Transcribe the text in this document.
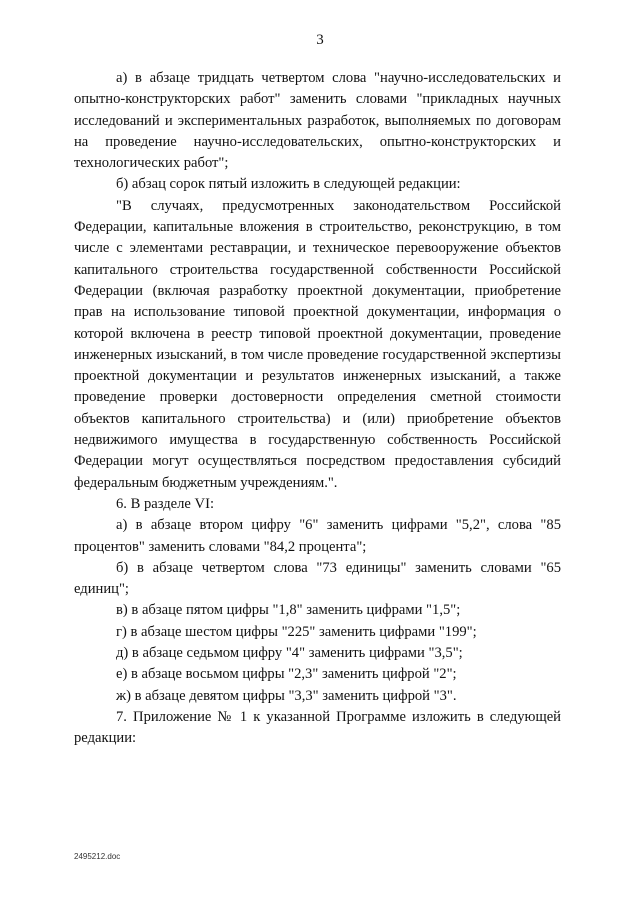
3

а) в абзаце тридцать четвертом слова "научно-исследовательских и опытно-конструкторских работ" заменить словами "прикладных научных исследований и экспериментальных разработок, выполняемых по договорам на проведение научно-исследовательских, опытно-конструкторских и технологических работ";

б) абзац сорок пятый изложить в следующей редакции:

"В случаях, предусмотренных законодательством Российской Федерации, капитальные вложения в строительство, реконструкцию, в том числе с элементами реставрации, и техническое перевооружение объектов капитального строительства государственной собственности Российской Федерации (включая разработку проектной документации, приобретение прав на использование типовой проектной документации, информация о которой включена в реестр типовой проектной документации, проведение инженерных изысканий, в том числе проведение государственной экспертизы проектной документации и результатов инженерных изысканий, а также проведение проверки достоверности определения сметной стоимости объектов капитального строительства) и (или) приобретение объектов недвижимого имущества в государственную собственность Российской Федерации могут осуществляться посредством предоставления субсидий федеральным бюджетным учреждениям.".

6. В разделе VI:

а) в абзаце втором цифру "6" заменить цифрами "5,2", слова "85 процентов" заменить словами "84,2 процента";

б) в абзаце четвертом слова "73 единицы" заменить словами "65 единиц";

в) в абзаце пятом цифры "1,8" заменить цифрами "1,5";

г) в абзаце шестом цифры "225" заменить цифрами "199";

д) в абзаце седьмом цифру "4" заменить цифрами "3,5";

е) в абзаце восьмом цифры "2,3" заменить цифрой "2";

ж) в абзаце девятом цифры "3,3" заменить цифрой "3".

7. Приложение № 1 к указанной Программе изложить в следующей редакции:

2495212.doc
